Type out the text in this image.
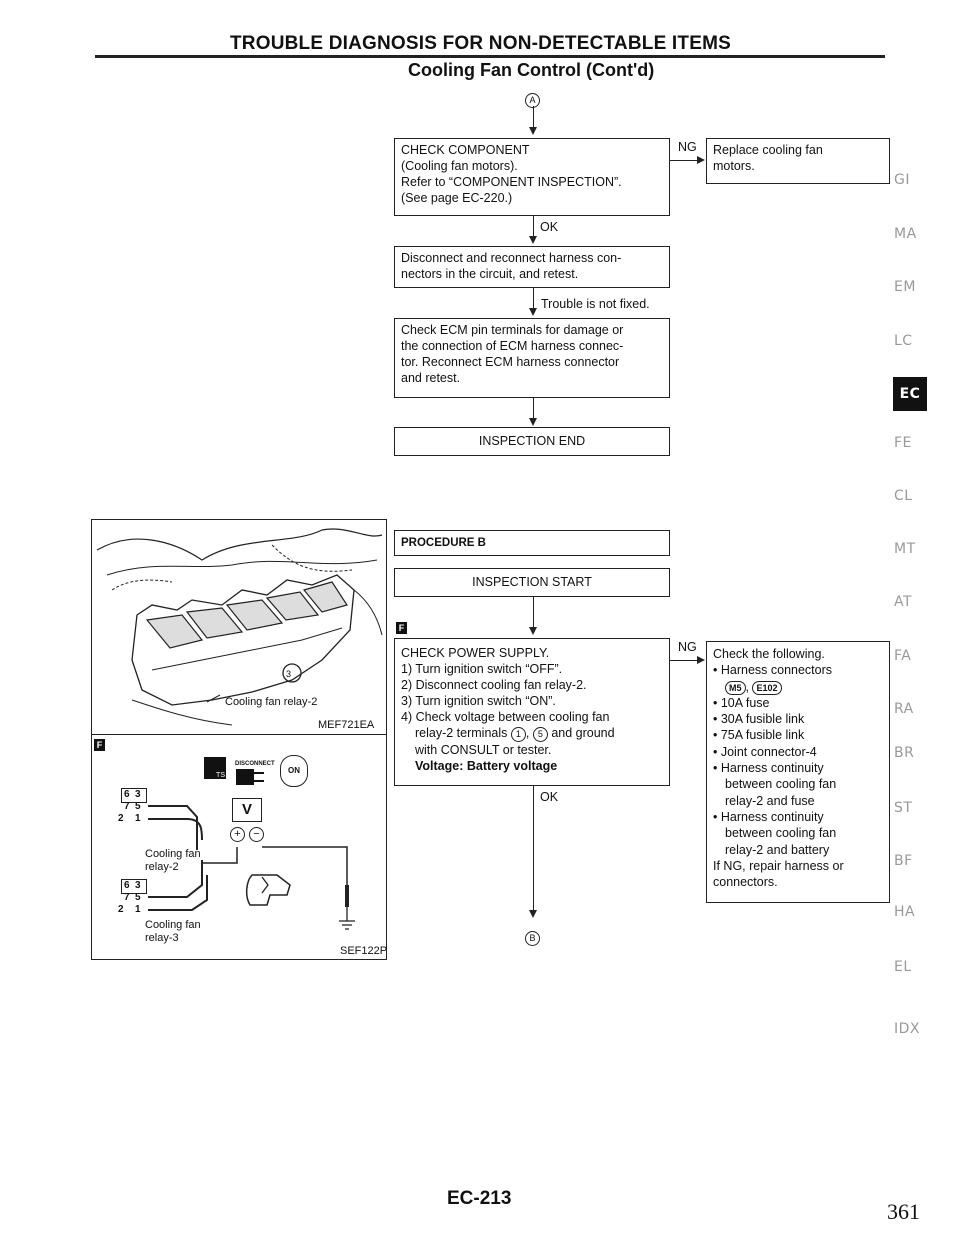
TROUBLE DIAGNOSIS FOR NON-DETECTABLE ITEMS
Cooling Fan Control (Cont'd)
A
CHECK COMPONENT
(Cooling fan motors).
Refer to “COMPONENT INSPECTION”.
(See page EC-220.)
NG Replace cooling fan
motors.
OK
Disconnect and reconnect harness con-
nectors in the circuit, and retest.
Trouble is not fixed.
Check ECM pin terminals for damage or
the connection of ECM harness connec-
tor. Reconnect ECM harness connector
and retest.
INSPECTION END
3
Cooling fan relay-2
MEF721EA
F
TS
DISCONNECT
ON
6 3
7 5
2 1
6 3
7 5
2 1
V
+	−
Cooling fan
relay-2
Cooling fan
relay-3
SEF122P
PROCEDURE B
INSPECTION START
F
CHECK POWER SUPPLY.
1) Turn ignition switch “OFF”.
2) Disconnect cooling fan relay-2.
3) Turn ignition switch “ON”.
4) Check voltage between cooling fan
relay-2 terminals 1 , 5 and ground
with CONSULT or tester.
Voltage: Battery voltage
NG Check the following.
• Harness connectors
M5 , E102
• 10A fuse
• 30A fusible link
• 75A fusible link
• Joint connector-4
• Harness continuity
between cooling fan
relay-2 and fuse
• Harness continuity
between cooling fan
relay-2 and battery
If NG, repair harness or
connectors.
OK
B
GI
MA
EM
LC
EC
FE
CL
MT
AT
FA
RA
BR
ST
BF
HA
EL
IDX
EC-213
361
